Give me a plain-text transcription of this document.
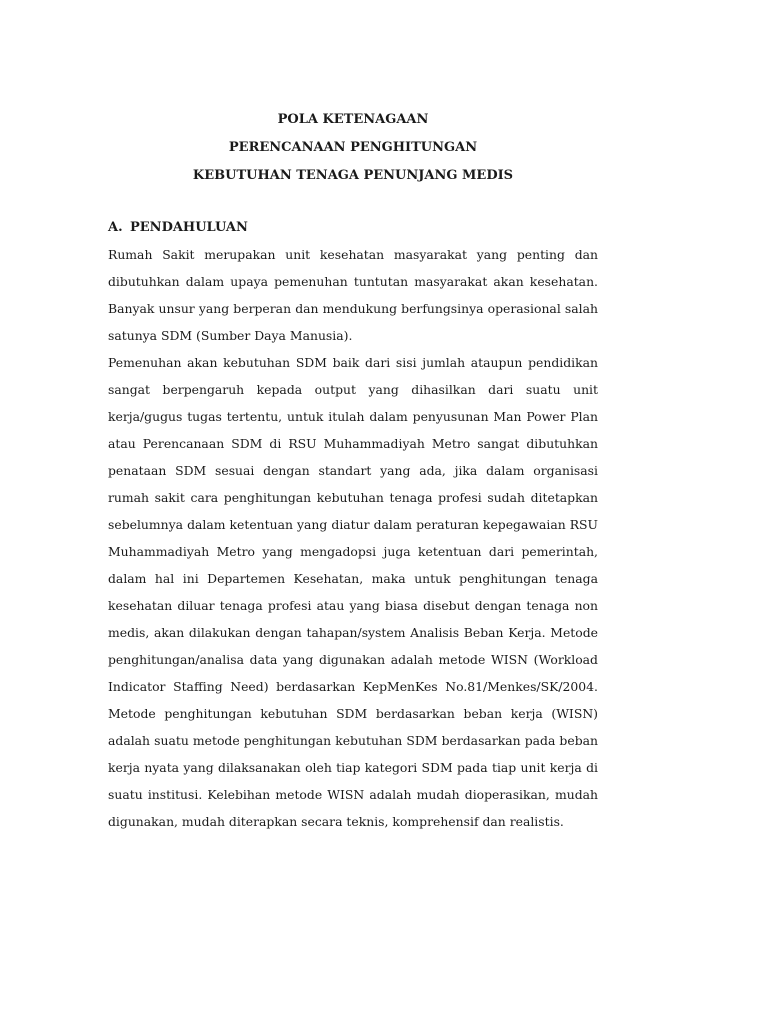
POLA KETENAGAAN
PERENCANAAN PENGHITUNGAN
KEBUTUHAN TENAGA PENUNJANG MEDIS
A. PENDAHULUAN

Rumah Sakit merupakan unit kesehatan masyarakat yang penting dan dibutuhkan dalam upaya pemenuhan tuntutan masyarakat akan kesehatan. Banyak unsur yang berperan dan mendukung berfungsinya operasional salah satunya SDM (Sumber Daya Manusia).

Pemenuhan akan kebutuhan SDM baik dari sisi jumlah ataupun pendidikan sangat berpengaruh kepada output yang dihasilkan dari suatu unit kerja/gugus tugas tertentu, untuk itulah dalam penyusunan Man Power Plan atau Perencanaan SDM di RSU Muhammadiyah Metro sangat dibutuhkan penataan SDM sesuai dengan standart yang ada, jika dalam organisasi rumah sakit cara penghitungan kebutuhan tenaga profesi sudah ditetapkan sebelumnya dalam ketentuan yang diatur dalam peraturan kepegawaian RSU Muhammadiyah Metro yang mengadopsi juga ketentuan dari pemerintah, dalam hal ini Departemen Kesehatan, maka untuk penghitungan tenaga kesehatan diluar tenaga profesi atau yang biasa disebut dengan tenaga non medis, akan dilakukan dengan tahapan/system Analisis Beban Kerja. Metode penghitungan/analisa data yang digunakan adalah metode WISN (Workload Indicator Staffing Need) berdasarkan KepMenKes No.81/Menkes/SK/2004. Metode penghitungan kebutuhan SDM berdasarkan beban kerja (WISN) adalah suatu metode penghitungan kebutuhan SDM berdasarkan pada beban kerja nyata yang dilaksanakan oleh tiap kategori SDM pada tiap unit kerja di suatu institusi. Kelebihan metode WISN adalah mudah dioperasikan, mudah digunakan, mudah diterapkan secara teknis, komprehensif dan realistis.
